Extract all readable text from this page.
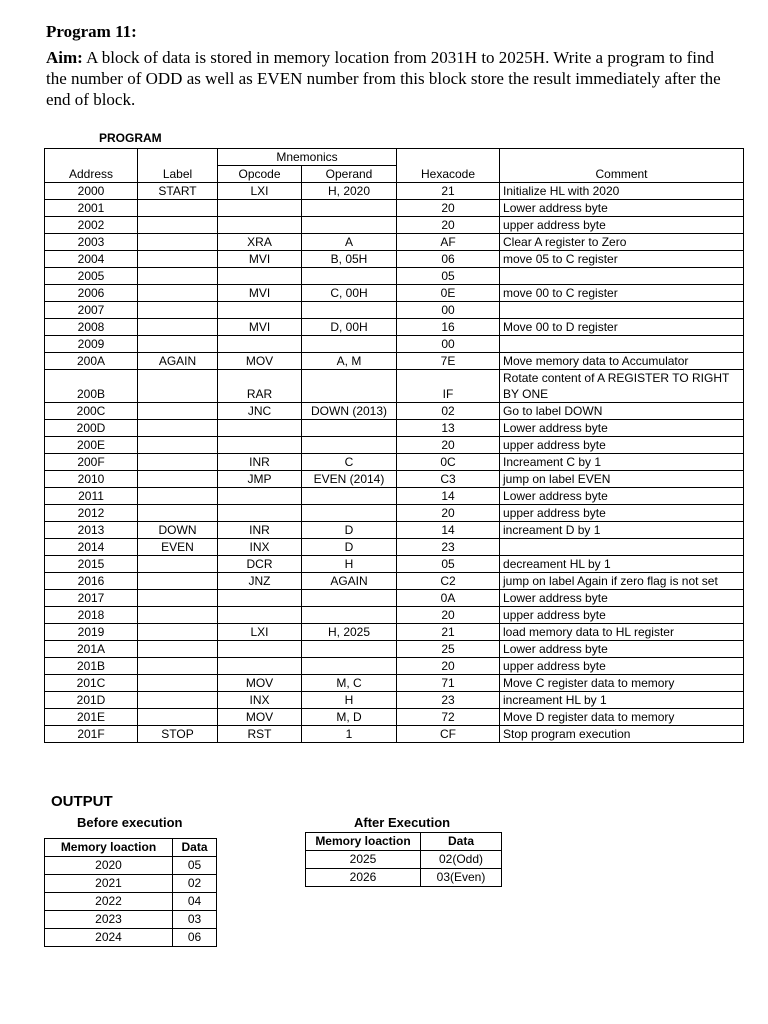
Program 11:
Aim: A block of data is stored in memory location from 2031H to 2025H. Write a program to find the number of ODD as well as EVEN number from this block store the result immediately after the end of block.
PROGRAM
		Mnemonics			
Address	Label	Opcode	Operand	Hexacode	Comment
2000	START	LXI	H, 2020	21	Initialize HL with 2020
2001				20	Lower address byte
2002				20	upper address byte
2003		XRA	A	AF	Clear A register to Zero
2004		MVI	B, 05H	06	move 05 to C register
2005				05	
2006		MVI	C, 00H	0E	move 00 to C register
2007				00	
2008		MVI	D, 00H	16	Move 00 to D register
2009				00	
200A	AGAIN	MOV	A, M	7E	Move memory data to Accumulator
200B		RAR		IF	Rotate content of A REGISTER TO RIGHT BY ONE
200C		JNC	DOWN (2013)	02	Go to label DOWN
200D				13	Lower address byte
200E				20	upper address byte
200F		INR	C	0C	Increament C by 1
2010		JMP	EVEN (2014)	C3	jump on label EVEN
2011				14	Lower address byte
2012				20	upper address byte
2013	DOWN	INR	D	14	increament D by 1
2014	EVEN	INX	D	23	
2015		DCR	H	05	decreament HL by 1
2016		JNZ	AGAIN	C2	jump on label Again if zero flag is not set
2017				0A	Lower address byte
2018				20	upper address byte
2019		LXI	H, 2025	21	load memory data to HL register
201A				25	Lower address byte
201B				20	upper address byte
201C		MOV	M, C	71	Move C register data to memory
201D		INX	H	23	increament HL by 1
201E		MOV	M, D	72	Move D register data to memory
201F	STOP	RST	1	CF	Stop program execution
OUTPUT
Before execution	After Execution
Memory loaction	Data
2020	05
2021	02
2022	04
2023	03
2024	06
Memory loaction	Data
2025	02(Odd)
2026	03(Even)
